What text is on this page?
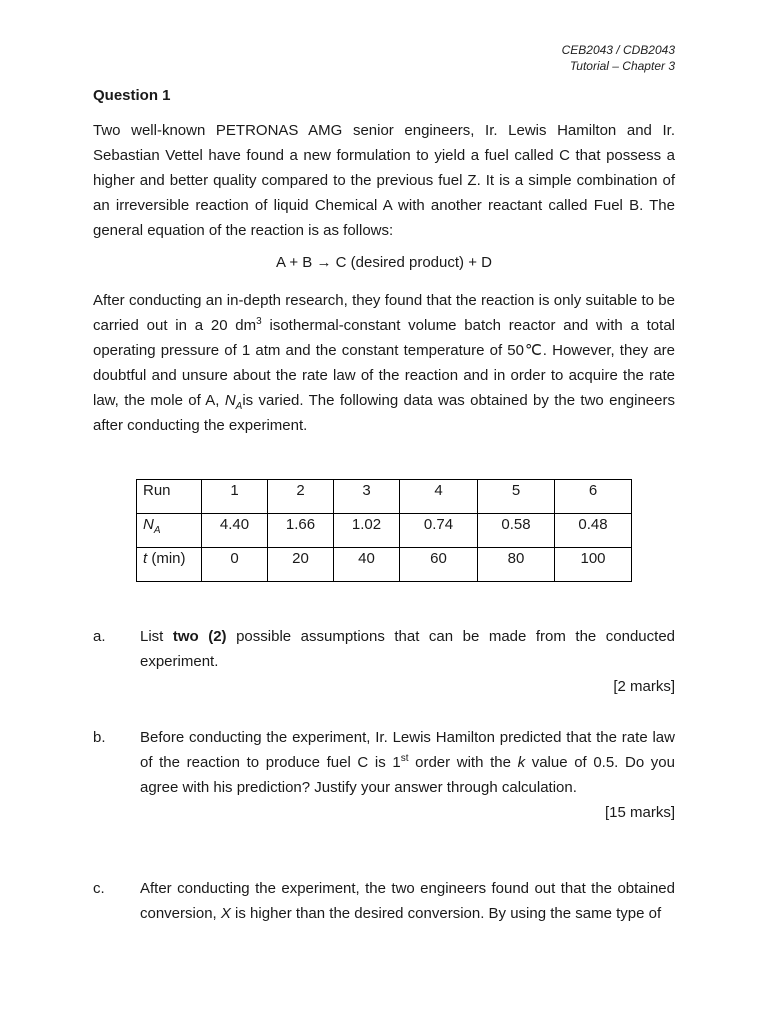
CEB2043 / CDB2043
Tutorial – Chapter 3
Question 1
Two well-known PETRONAS AMG senior engineers, Ir. Lewis Hamilton and Ir. Sebastian Vettel have found a new formulation to yield a fuel called C that possess a higher and better quality compared to the previous fuel Z. It is a simple combination of an irreversible reaction of liquid Chemical A with another reactant called Fuel B. The general equation of the reaction is as follows:
A + B → C (desired product) + D
After conducting an in-depth research, they found that the reaction is only suitable to be carried out in a 20 $dm^3$ isothermal-constant volume batch reactor and with a total operating pressure of 1 atm and the constant temperature of 50℃. However, they are doubtful and unsure about the rate law of the reaction and in order to acquire the rate law, the mole of A, $N_Ais$ varied. The following data was obtained by the two engineers after conducting the experiment.
Run	1	2	3	4	5	6
$N_A$	4.40	1.66	1.02	0.74	0.58	0.48
t (min)	0	20	40	60	80	100
a. List two (2) possible assumptions that can be made from the conducted experiment.
[2 marks]
b. Before conducting the experiment, Ir. Lewis Hamilton predicted that the rate law of the reaction to produce fuel C is 1st order with the k value of 0.5. Do you agree with his prediction? Justify your answer through calculation.
[15 marks]
c. After conducting the experiment, the two engineers found out that the obtained conversion, X is higher than the desired conversion. By using the same type of
